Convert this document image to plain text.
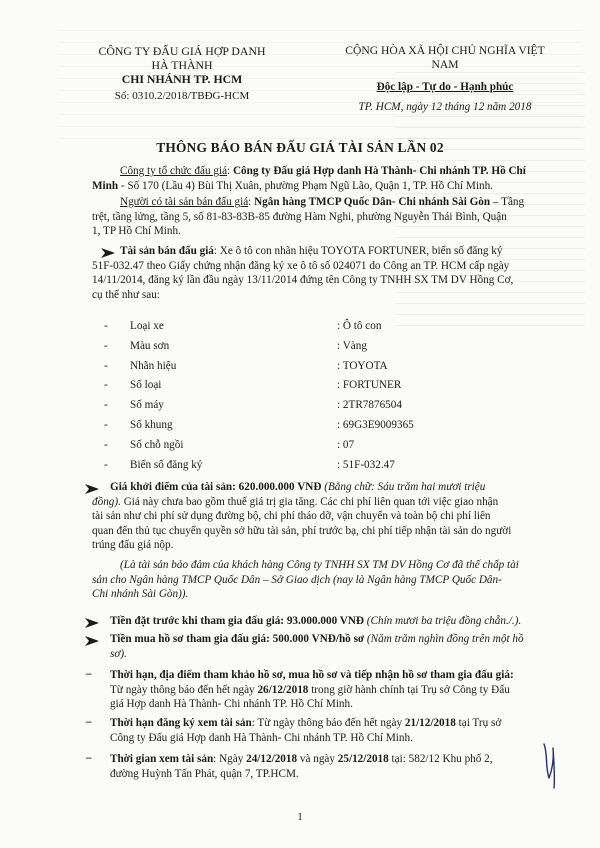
CÔNG TY ĐẤU GIÁ HỢP DANH
HÀ THÀNH
CHI NHÁNH TP. HCM
Số: 0310.2/2018/TBĐG-HCM
CỘNG HÒA XÃ HỘI CHỦ NGHĨA VIỆT NAM
Độc lập - Tự do - Hạnh phúc
TP. HCM, ngày 12 tháng 12 năm 2018
THÔNG BÁO BÁN ĐẤU GIÁ TÀI SẢN LẦN 02
Công ty tổ chức đấu giá: Công ty Đấu giá Hợp danh Hà Thành- Chi nhánh TP. Hồ Chí
Minh - Số 170 (Lầu 4) Bùi Thị Xuân, phường Phạm Ngũ Lão, Quận 1, TP. Hồ Chí Minh.
Người có tài sản bán đấu giá: Ngân hàng TMCP Quốc Dân- Chi nhánh Sài Gòn – Tầng
trệt, tầng lửng, tầng 5, số 81-83-83B-85 đường Hàm Nghi, phường Nguyễn Thái Bình, Quận
1, TP Hồ Chí Minh.
Tài sản bán đấu giá: Xe ô tô con nhãn hiệu TOYOTA FORTUNER, biển số đăng ký
51F-032.47 theo Giấy chứng nhận đăng ký xe ô tô số 024071 do Công an TP. HCM cấp ngày
14/11/2014, đăng ký lần đầu ngày 13/11/2014 đứng tên Công ty TNHH SX TM DV Hồng Cơ,
cụ thể như sau:
- Loại xe	: Ô tô con
- Màu sơn	: Vàng
- Nhãn hiệu	: TOYOTA
- Số loại	: FORTUNER
- Số máy	: 2TR7876504
- Số khung	: 69G3E9009365
- Số chỗ ngồi	: 07
- Biển số đăng ký	: 51F-032.47
Giá khởi điểm của tài sản: 620.000.000 VNĐ (Bằng chữ: Sáu trăm hai mươi triệu
đồng). Giá này chưa bao gồm thuế giá trị gia tăng. Các chi phí liên quan tới việc giao nhận
tài sản như chi phí sử dụng đường bộ, chi phí tháo dỡ, vận chuyển và toàn bộ chi phí liên
quan đến thủ tục chuyển quyền sở hữu tài sản, phí trước bạ, chi phí tiếp nhận tài sản do người
trúng đấu giá nộp.
(Là tài sản bảo đảm của khách hàng Công ty TNHH SX TM DV Hồng Cơ đã thế chấp tài
sản cho Ngân hàng TMCP Quốc Dân – Sở Giao dịch (nay là Ngân hàng TMCP Quốc Dân-
Chi nhánh Sài Gòn)).
Tiền đặt trước khi tham gia đấu giá: 93.000.000 VNĐ (Chín mươi ba triệu đồng chẵn./.).
Tiền mua hồ sơ tham gia đấu giá: 500.000 VNĐ/hồ sơ (Năm trăm nghìn đồng trên một hồ
sơ).
–	Thời hạn, địa điểm tham khảo hồ sơ, mua hồ sơ và tiếp nhận hồ sơ tham gia đấu giá:
Từ ngày thông báo đến hết ngày 26/12/2018 trong giờ hành chính tại Trụ sở Công ty Đấu
giá Hợp danh Hà Thành- Chi nhánh TP. Hồ Chí Minh.
–	Thời hạn đăng ký xem tài sản: Từ ngày thông báo đến hết ngày 21/12/2018 tại Trụ sở
Công ty Đấu giá Hợp danh Hà Thành- Chi nhánh TP. Hồ Chí Minh.
–	Thời gian xem tài sản: Ngày 24/12/2018 và ngày 25/12/2018 tại: 582/12 Khu phố 2,
đường Huỳnh Tấn Phát, quận 7, TP.HCM.
1
